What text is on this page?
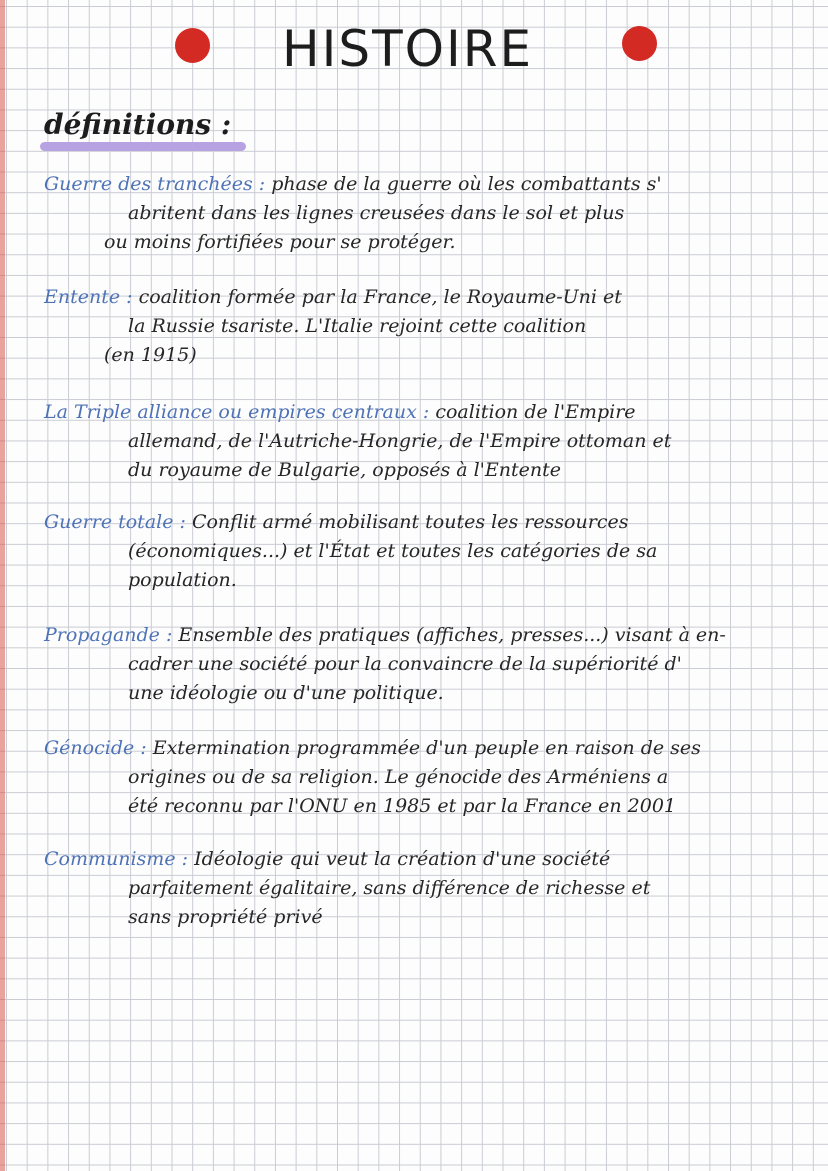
HISTOIRE
définitions :

Guerre des tranchées : phase de la guerre où les combattants s'
abritent dans les lignes creusées dans le sol et plus
ou moins fortifiées pour se protéger.

Entente : coalition formée par la France, le Royaume-Uni et
la Russie tsariste. L'Italie rejoint cette coalition
(en 1915)

La Triple alliance ou empires centraux : coalition de l'Empire
allemand, de l'Autriche-Hongrie, de l'Empire ottoman et
du royaume de Bulgarie, opposés à l'Entente

Guerre totale : Conflit armé mobilisant toutes les ressources
(économiques...) et l'État et toutes les catégories de sa
population.

Propagande : Ensemble des pratiques (affiches, presses...) visant à en-
cadrer une société pour la convaincre de la supériorité d'
une idéologie ou d'une politique.

Génocide : Extermination programmée d'un peuple en raison de ses
origines ou de sa religion. Le génocide des Arméniens a
été reconnu par l'ONU en 1985 et par la France en 2001

Communisme : Idéologie qui veut la création d'une société
parfaitement égalitaire, sans différence de richesse et
sans propriété privé
